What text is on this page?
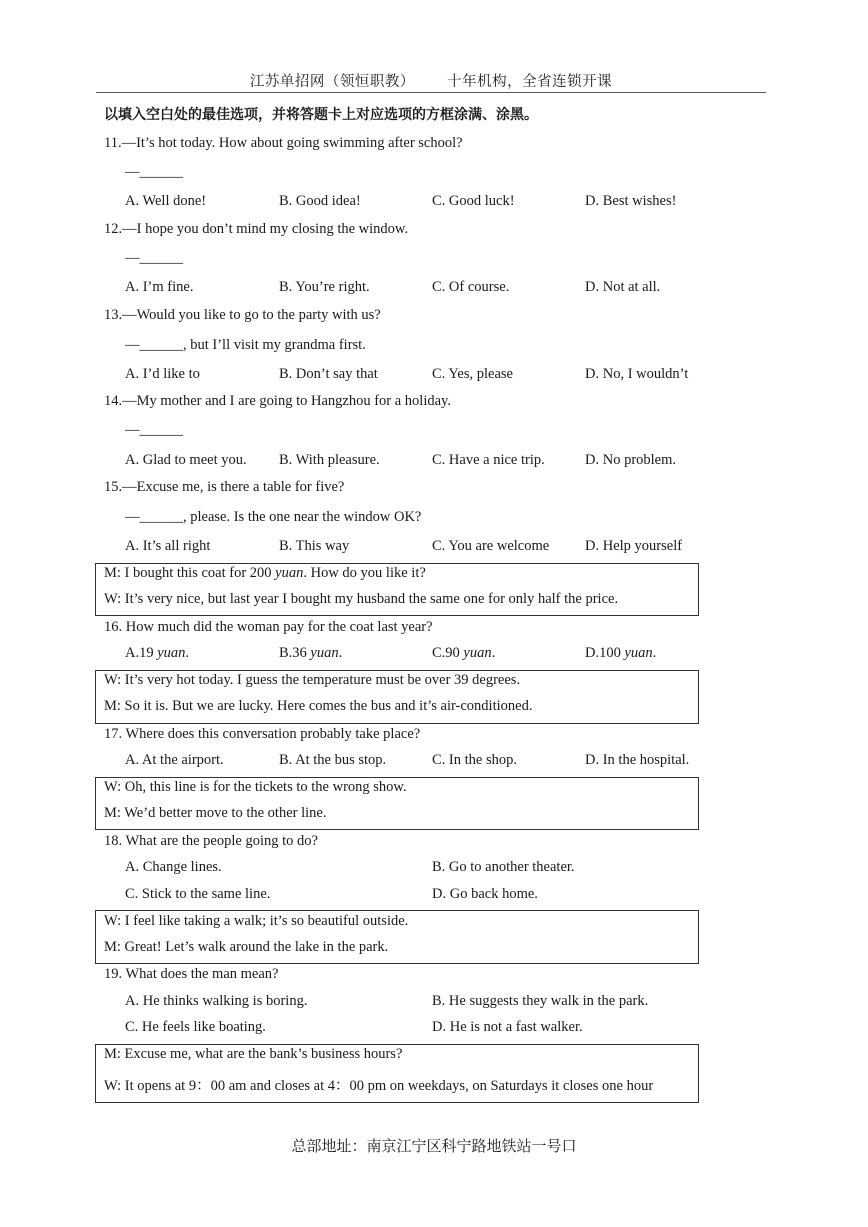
江苏单招网（领恒职教） 十年机构，全省连锁开课
以填入空白处的最佳选项，并将答题卡上对应选项的方框涂满、涂黑。
11.—It’s hot today. How about going swimming after school?
—______
A. Well done!	B. Good idea!	C. Good luck!	D. Best wishes!
12.—I hope you don’t mind my closing the window.
—______
A. I’m fine.	B. You’re right.	C. Of course.	D. Not at all.
13.—Would you like to go to the party with us?
—______, but I’ll visit my grandma first.
A. I’d like to	B. Don’t say that	C. Yes, please	D. No, I wouldn’t
14.—My mother and I are going to Hangzhou for a holiday.
—______
A. Glad to meet you. B. With pleasure.	C. Have a nice trip.	D. No problem.
15.—Excuse me, is there a table for five?
—______, please. Is the one near the window OK?
A. It’s all right	B. This way	C. You are welcome D. Help yourself
M: I bought this coat for 200 yuan. How do you like it?
W: It’s very nice, but last year I bought my husband the same one for only half the price.
16. How much did the woman pay for the coat last year?
A.19 yuan.	B.36 yuan.	C.90 yuan.	D.100 yuan.
W: It’s very hot today. I guess the temperature must be over 39 degrees.
M: So it is. But we are lucky. Here comes the bus and it’s air-conditioned.
17. Where does this conversation probably take place?
A. At the airport.	B. At the bus stop.	C. In the shop.	D. In the hospital.
W: Oh, this line is for the tickets to the wrong show.
M: We’d better move to the other line.
18. What are the people going to do?
A. Change lines.	B. Go to another theater.
C. Stick to the same line.	D. Go back home.
W: I feel like taking a walk; it’s so beautiful outside.
M: Great! Let’s walk around the lake in the park.
19. What does the man mean?
A. He thinks walking is boring.	B. He suggests they walk in the park.
C. He feels like boating.	D. He is not a fast walker.
M: Excuse me, what are the bank’s business hours?
W: It opens at 9：00 am and closes at 4：00 pm on weekdays, on Saturdays it closes one hour
总部地址：南京江宁区科宁路地铁站一号口
